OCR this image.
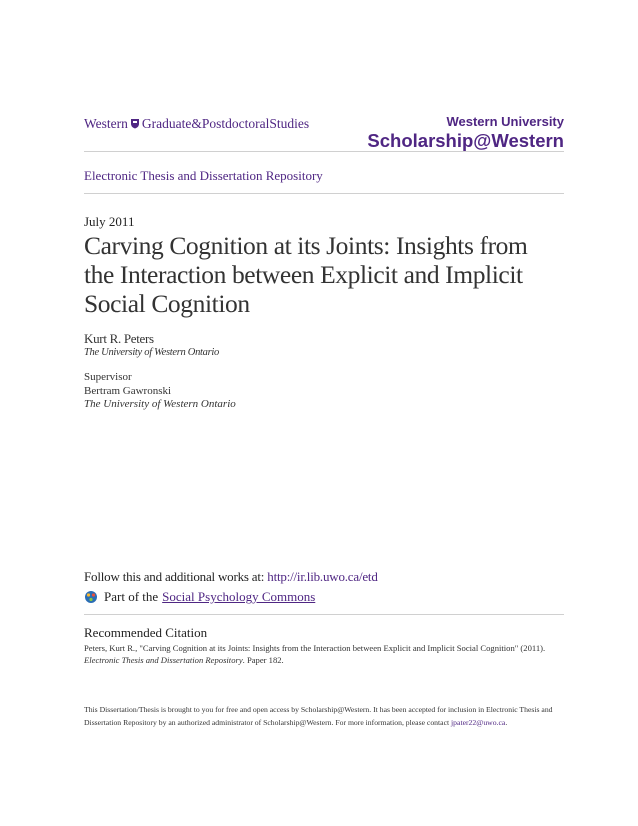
Western Graduate&PostdoctoralStudies	Western University
Scholarship@Western
Electronic Thesis and Dissertation Repository
July 2011
Carving Cognition at its Joints: Insights from the Interaction between Explicit and Implicit Social Cognition
Kurt R. Peters
The University of Western Ontario
Supervisor
Bertram Gawronski
The University of Western Ontario
Follow this and additional works at: http://ir.lib.uwo.ca/etd
Part of the Social Psychology Commons
Recommended Citation
Peters, Kurt R., "Carving Cognition at its Joints: Insights from the Interaction between Explicit and Implicit Social Cognition" (2011).
Electronic Thesis and Dissertation Repository. Paper 182.
This Dissertation/Thesis is brought to you for free and open access by Scholarship@Western. It has been accepted for inclusion in Electronic Thesis and Dissertation Repository by an authorized administrator of Scholarship@Western. For more information, please contact jpater22@uwo.ca.
